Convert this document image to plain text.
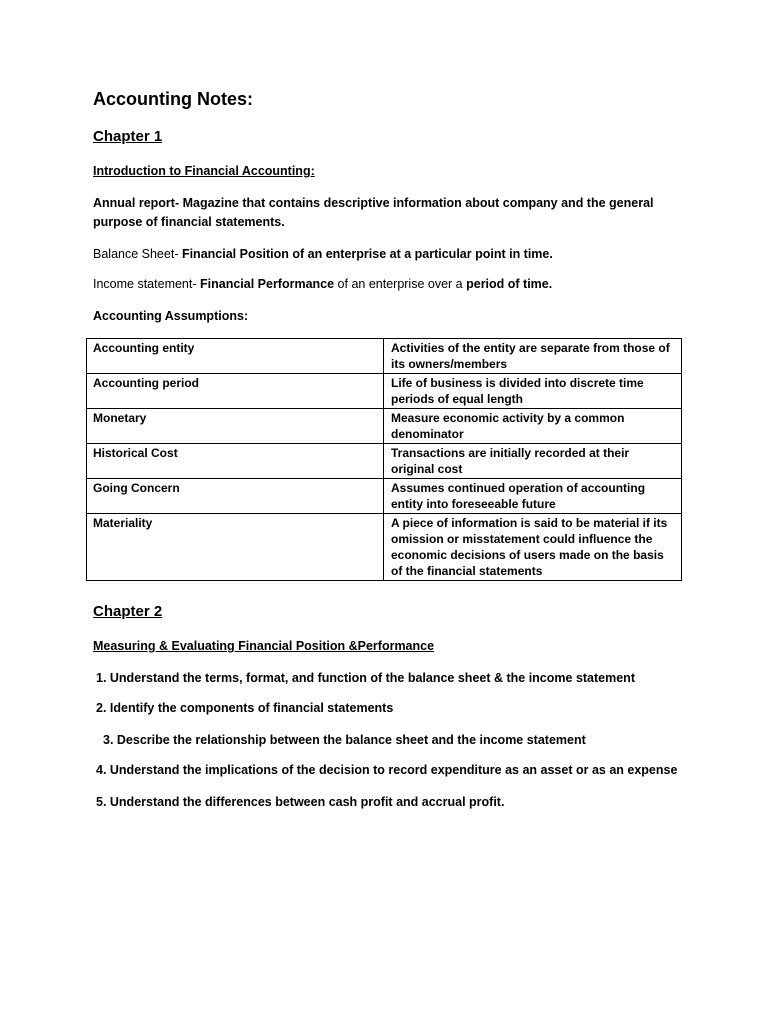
Accounting Notes:
Chapter 1
Introduction to Financial Accounting:
Annual report- Magazine that contains descriptive information about company and the general purpose of financial statements.
Balance Sheet- Financial Position of an enterprise at a particular point in time.
Income statement- Financial Performance of an enterprise over a period of time.
Accounting Assumptions:
Accounting entity	Activities of the entity are separate from those of its owners/members
Accounting period	Life of business is divided into discrete time periods of equal length
Monetary	Measure economic activity by a common denominator
Historical Cost	Transactions are initially recorded at their original cost
Going Concern	Assumes continued operation of accounting entity into foreseeable future
Materiality	A piece of information is said to be material if its omission or misstatement could influence the economic decisions of users made on the basis of the financial statements
Chapter 2
Measuring & Evaluating Financial Position &Performance
1. Understand the terms, format, and function of the balance sheet & the income statement
2. Identify the components of financial statements
3. Describe the relationship between the balance sheet and the income statement
4. Understand the implications of the decision to record expenditure as an asset or as an expense
5. Understand the differences between cash profit and accrual profit.
